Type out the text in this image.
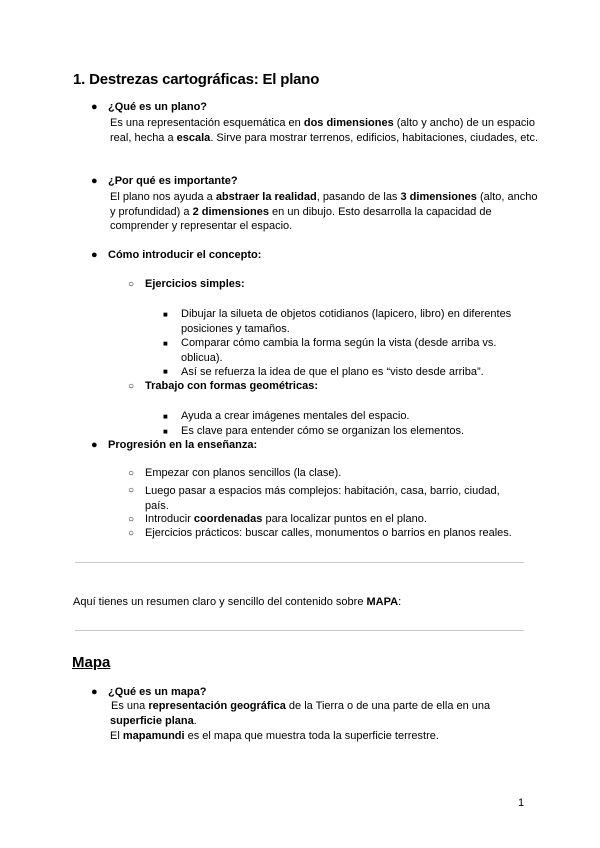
1. Destrezas cartográficas: El plano
● ¿Qué es un plano?
Es una representación esquemática en dos dimensiones (alto y ancho) de un espacio real, hecha a escala. Sirve para mostrar terrenos, edificios, habitaciones, ciudades, etc.
● ¿Por qué es importante?
El plano nos ayuda a abstraer la realidad, pasando de las 3 dimensiones (alto, ancho y profundidad) a 2 dimensiones en un dibujo. Esto desarrolla la capacidad de comprender y representar el espacio.
● Cómo introducir el concepto:
○ Ejercicios simples:
■ Dibujar la silueta de objetos cotidianos (lapicero, libro) en diferentes posiciones y tamaños.
■ Comparar cómo cambia la forma según la vista (desde arriba vs. oblicua).
■ Así se refuerza la idea de que el plano es “visto desde arriba”.
○ Trabajo con formas geométricas:
■ Ayuda a crear imágenes mentales del espacio.
■ Es clave para entender cómo se organizan los elementos.
● Progresión en la enseñanza:
○ Empezar con planos sencillos (la clase).
○ Luego pasar a espacios más complejos: habitación, casa, barrio, ciudad, país.
○ Introducir coordenadas para localizar puntos en el plano.
○ Ejercicios prácticos: buscar calles, monumentos o barrios en planos reales.
Aquí tienes un resumen claro y sencillo del contenido sobre MAPA:
Mapa
● ¿Qué es un mapa?
Es una representación geográfica de la Tierra o de una parte de ella en una
superficie plana.
El mapamundi es el mapa que muestra toda la superficie terrestre.
1
